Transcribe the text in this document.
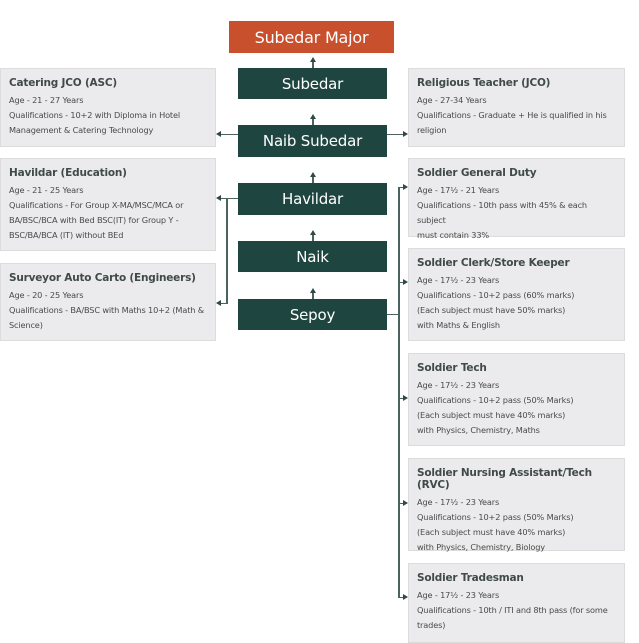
Subedar Major
Subedar
Naib Subedar
Havildar
Naik
Sepoy
Catering JCO (ASC)
Age - 21 - 27 Years
Qualifications - 10+2 with Diploma in Hotel
Management & Catering Technology
Havildar (Education)
Age - 21 - 25 Years
Qualifications - For Group X-MA/MSC/MCA or
BA/BSC/BCA with Bed BSC(IT) for Group Y -
BSC/BA/BCA (IT) without BEd
Surveyor Auto Carto (Engineers)
Age - 20 - 25 Years
Qualifications - BA/BSC with Maths 10+2 (Math &
Science)
Religious Teacher (JCO)
Age - 27-34 Years
Qualifications - Graduate + He is qualified in his
religion
Soldier General Duty
Age - 17½ - 21 Years
Qualifications - 10th pass with 45% & each subject
must contain 33%
Soldier Clerk/Store Keeper
Age - 17½ - 23 Years
Qualifications - 10+2 pass (60% marks)
(Each subject must have 50% marks)
with Maths & English
Soldier Tech
Age - 17½ - 23 Years
Qualifications - 10+2 pass (50% Marks)
(Each subject must have 40% marks)
with Physics, Chemistry, Maths
Soldier Nursing Assistant/Tech (RVC)
Age - 17½ - 23 Years
Qualifications - 10+2 pass (50% Marks)
(Each subject must have 40% marks)
with Physics, Chemistry, Biology
Soldier Tradesman
Age - 17½ - 23 Years
Qualifications - 10th / ITI and 8th pass (for some
trades)
